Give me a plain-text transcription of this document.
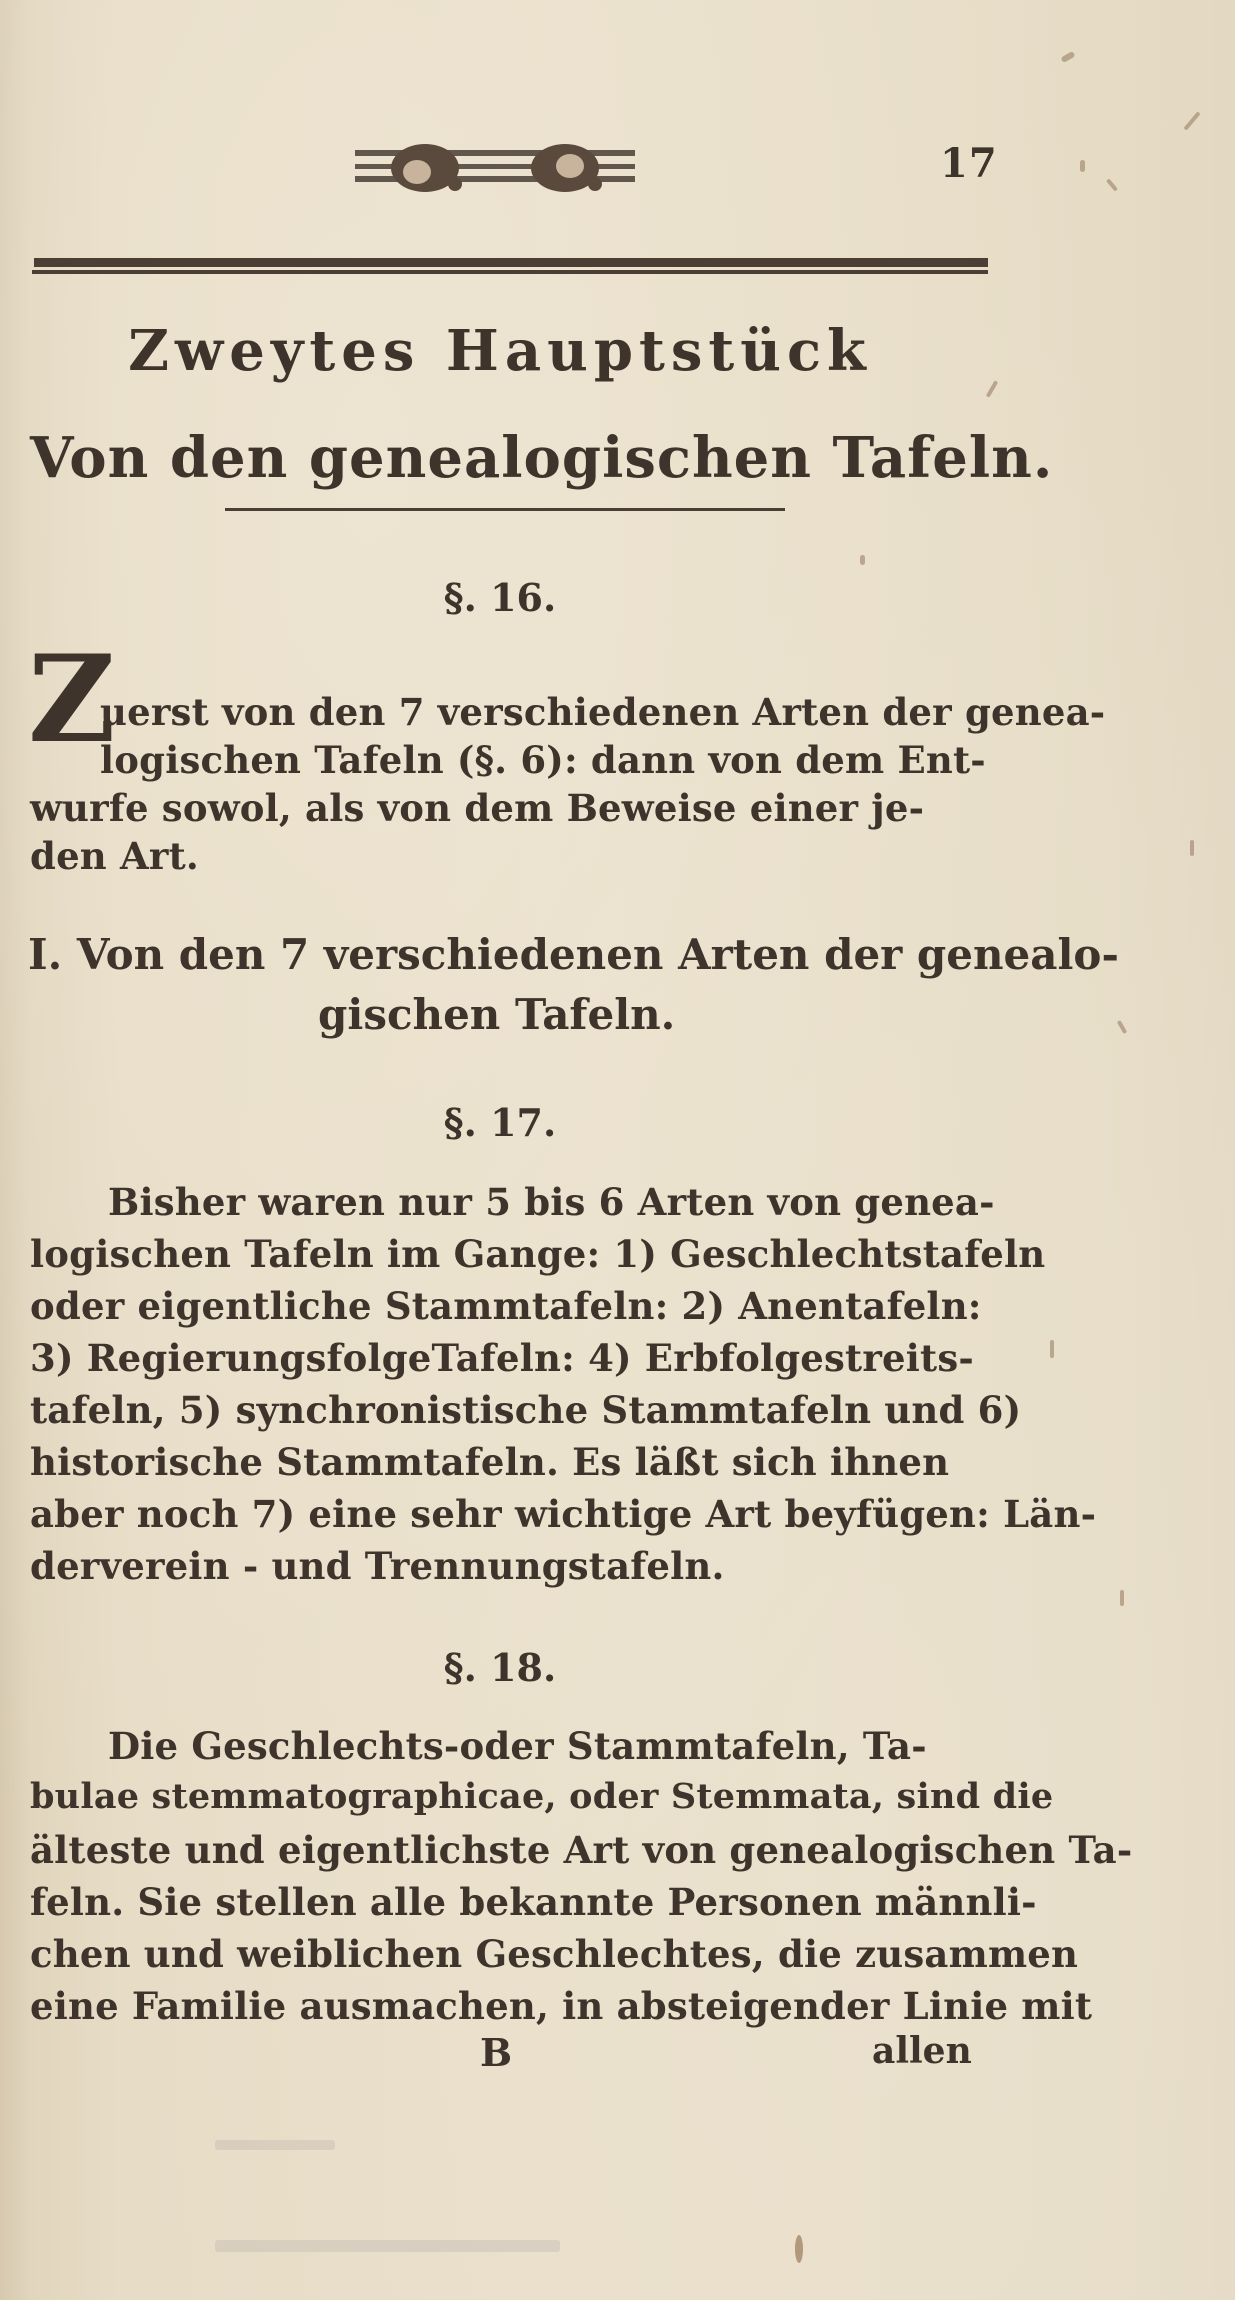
17
Zweytes Hauptstück
Von den genealogischen Tafeln.
§. 16.
Z
uerst von den 7 verschiedenen Arten der genea-
logischen Tafeln (§. 6): dann von dem Ent-
wurfe sowol, als von dem Beweise einer je-
den Art.
I. Von den 7 verschiedenen Arten der genealo-
gischen Tafeln.
§. 17.
Bisher waren nur 5 bis 6 Arten von genea-
logischen Tafeln im Gange: 1) Geschlechtstafeln
oder eigentliche Stammtafeln: 2) Anentafeln:
3) RegierungsfolgeTafeln: 4) Erbfolgestreits-
tafeln, 5) synchronistische Stammtafeln und 6)
historische Stammtafeln. Es läßt sich ihnen
aber noch 7) eine sehr wichtige Art beyfügen: Län-
derverein - und Trennungstafeln.
§. 18.
Die Geschlechts-oder Stammtafeln, Ta-
bulae stemmatographicae, oder Stemmata, sind die
älteste und eigentlichste Art von genealogischen Ta-
feln. Sie stellen alle bekannte Personen männli-
chen und weiblichen Geschlechtes, die zusammen
eine Familie ausmachen, in absteigender Linie mit
B	allen
